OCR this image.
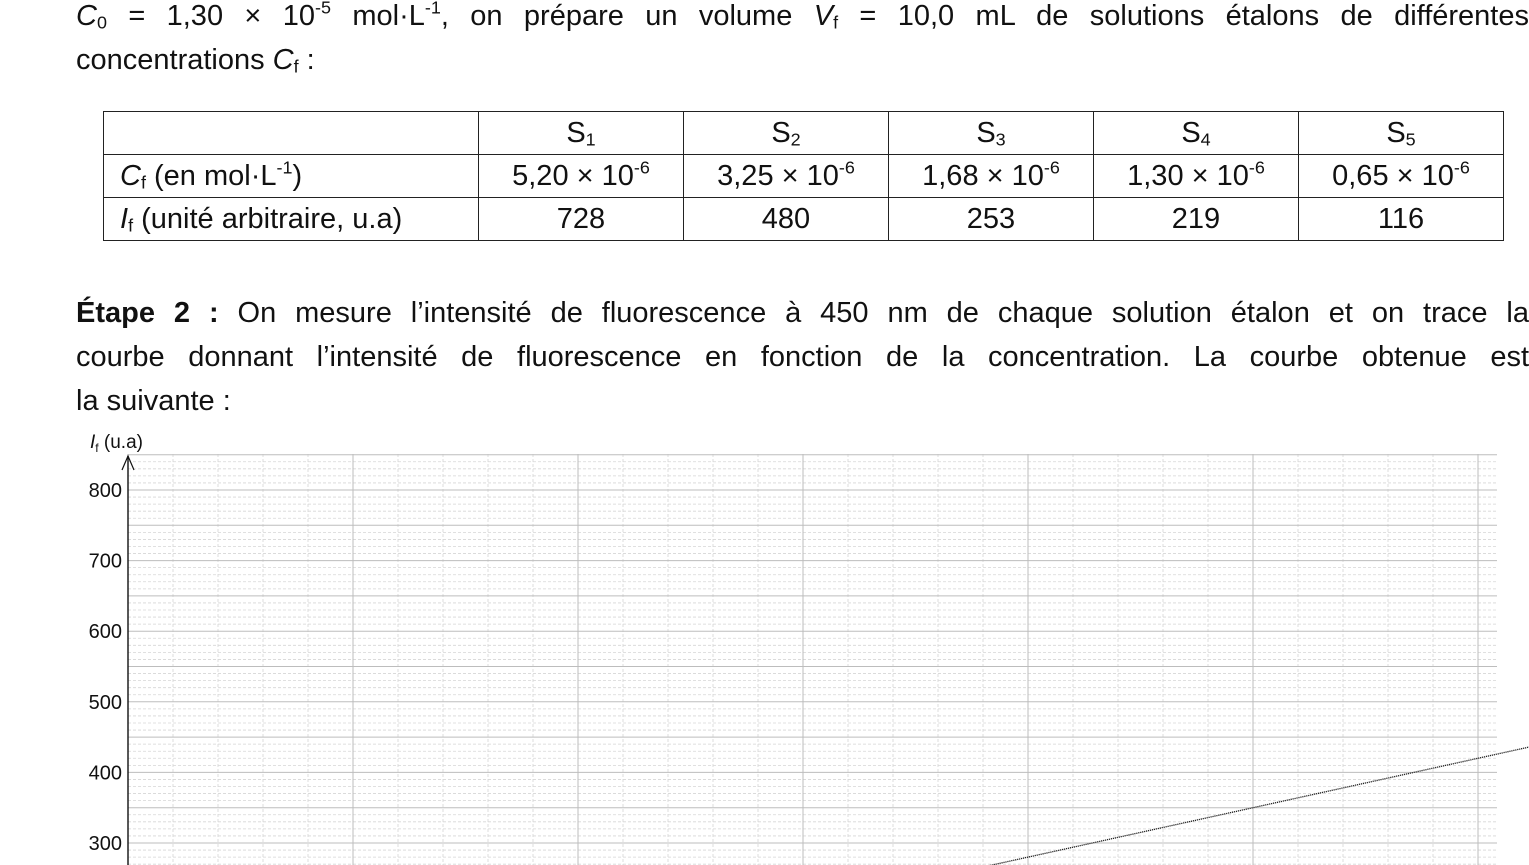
$C_0 = 1,30 \times 10^{-5}$ $mol\cdot L^{-1}$, on prépare un volume $V_f = 10,0$ mL de solutions étalons de différentes

concentrations $C_f$ :

	$S_1$	$S_2$	$S_3$	$S_4$	$S_5$
$C_f$ (en $mol\cdot L^{-1}$)	$5,20 \times 10^{-6}$	$3,25 \times 10^{-6}$	$1,68 \times 10^{-6}$	$1,30 \times 10^{-6}$	$0,65 \times 10^{-6}$
$I_f$ (unité arbitraire, u.a)	728	480	253	219	116

Étape 2 : On mesure l’intensité de fluorescence à 450 nm de chaque solution étalon et on trace la

courbe donnant l’intensité de fluorescence en fonction de la concentration. La courbe obtenue est

la suivante :

$I_f$ (u.a)
800
700
600
500
400
300
